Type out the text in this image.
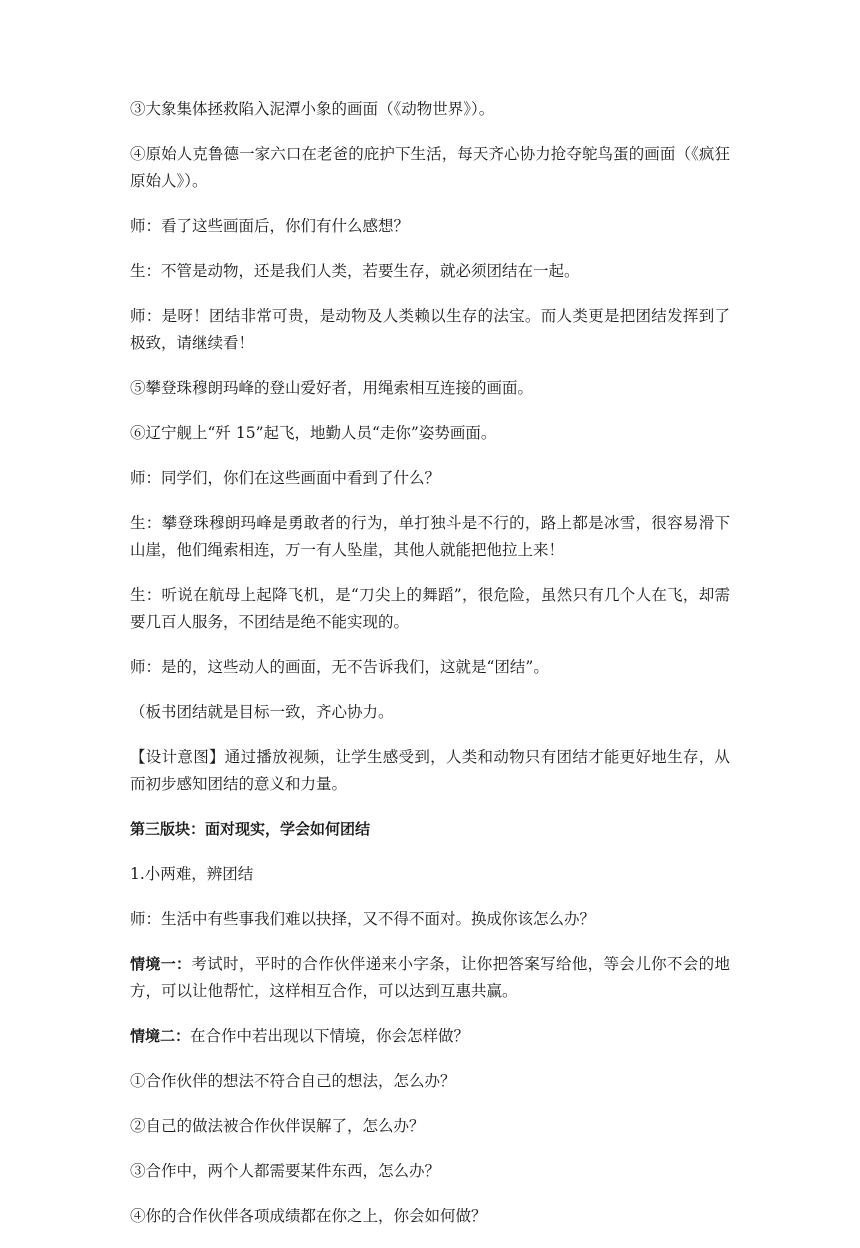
③大象集体拯救陷入泥潭小象的画面（《动物世界》）。

④原始人克鲁德一家六口在老爸的庇护下生活，每天齐心协力抢夺鸵鸟蛋的画面（《疯狂原始人》）。

师：看了这些画面后，你们有什么感想？

生：不管是动物，还是我们人类，若要生存，就必须团结在一起。

师：是呀！团结非常可贵，是动物及人类赖以生存的法宝。而人类更是把团结发挥到了极致，请继续看！

⑤攀登珠穆朗玛峰的登山爱好者，用绳索相互连接的画面。

⑥辽宁舰上“歼 15”起飞，地勤人员“走你”姿势画面。

师：同学们，你们在这些画面中看到了什么？

生：攀登珠穆朗玛峰是勇敢者的行为，单打独斗是不行的，路上都是冰雪，很容易滑下山崖，他们绳索相连，万一有人坠崖，其他人就能把他拉上来！

生：听说在航母上起降飞机，是“刀尖上的舞蹈”，很危险，虽然只有几个人在飞，却需要几百人服务，不团结是绝不能实现的。

师：是的，这些动人的画面，无不告诉我们，这就是“团结”。

（板书团结就是目标一致，齐心协力。

【设计意图】通过播放视频，让学生感受到，人类和动物只有团结才能更好地生存，从而初步感知团结的意义和力量。

第三版块：面对现实，学会如何团结

1.小两难，辨团结

师：生活中有些事我们难以抉择，又不得不面对。换成你该怎么办？

情境一：考试时，平时的合作伙伴递来小字条，让你把答案写给他，等会儿你不会的地方，可以让他帮忙，这样相互合作，可以达到互惠共赢。

情境二：在合作中若出现以下情境，你会怎样做？

①合作伙伴的想法不符合自己的想法，怎么办？

②自己的做法被合作伙伴误解了，怎么办？

③合作中，两个人都需要某件东西，怎么办？

④你的合作伙伴各项成绩都在你之上，你会如何做？
